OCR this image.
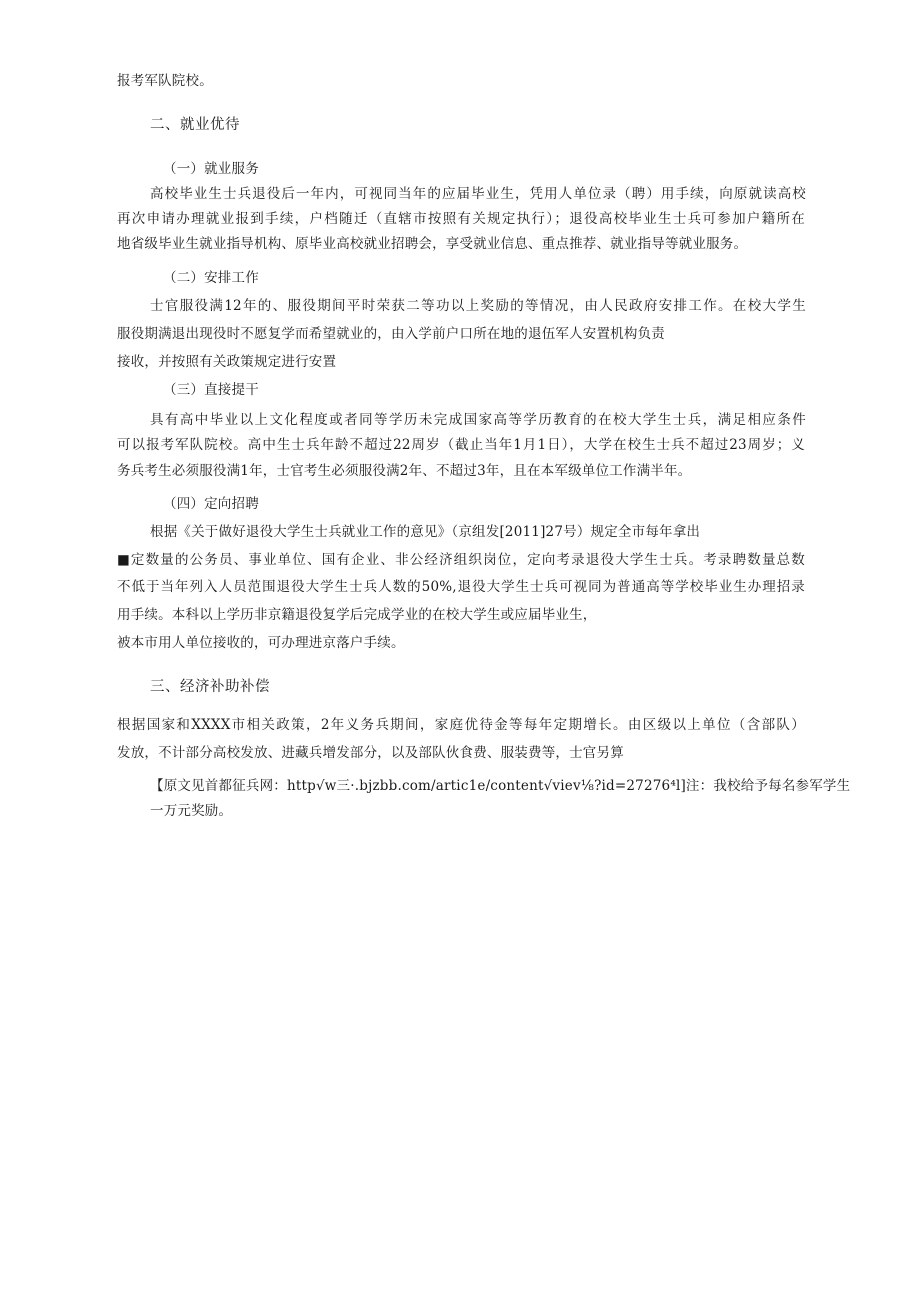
报考军队院校。
二、就业优待
（一）就业服务
高校毕业生士兵退役后一年内，可视同当年的应届毕业生，凭用人单位录（聘）用手续，向原就读高校
再次申请办理就业报到手续，户档随迁（直辖市按照有关规定执行）；退役高校毕业生士兵可参加户籍所在
地省级毕业生就业指导机构、原毕业高校就业招聘会，享受就业信息、重点推荐、就业指导等就业服务。
（二）安排工作
士官服役满12年的、服役期间平时荣获二等功以上奖励的等情况，由人民政府安排工作。在校大学生
服役期满退出现役时不愿复学而希望就业的，由入学前户口所在地的退伍军人安置机构负责
接收，并按照有关政策规定进行安置
（三）直接提干
具有高中毕业以上文化程度或者同等学历未完成国家高等学历教育的在校大学生士兵，满足相应条件
可以报考军队院校。高中生士兵年龄不超过22周岁（截止当年1月1日），大学在校生士兵不超过23周岁；义
务兵考生必须服役满1年，士官考生必须服役满2年、不超过3年，且在本军级单位工作满半年。
（四）定向招聘
根据《关于做好退役大学生士兵就业工作的意见》（京组发[2011]27号）规定全市每年拿出
■定数量的公务员、事业单位、国有企业、非公经济组织岗位，定向考录退役大学生士兵。考录聘数量总数
不低于当年列入人员范围退役大学生士兵人数的50%,退役大学生士兵可视同为普通高等学校毕业生办理招录
用手续。本科以上学历非京籍退役复学后完成学业的在校大学生或应届毕业生，
被本市用人单位接收的，可办理进京落户手续。
三、经济补助补偿
根据国家和XXXX市相关政策，2年义务兵期间，家庭优待金等每年定期增长。由区级以上单位（含部队）
发放，不计部分高校发放、进藏兵增发部分，以及部队伙食费、服装费等，士官另算
【原文见首都征兵网：http√w三·.bjzbb.com/artic1e/content√viev⅛?id=27276⁴l]注：我校给予每名参军学生
一万元奖励。
